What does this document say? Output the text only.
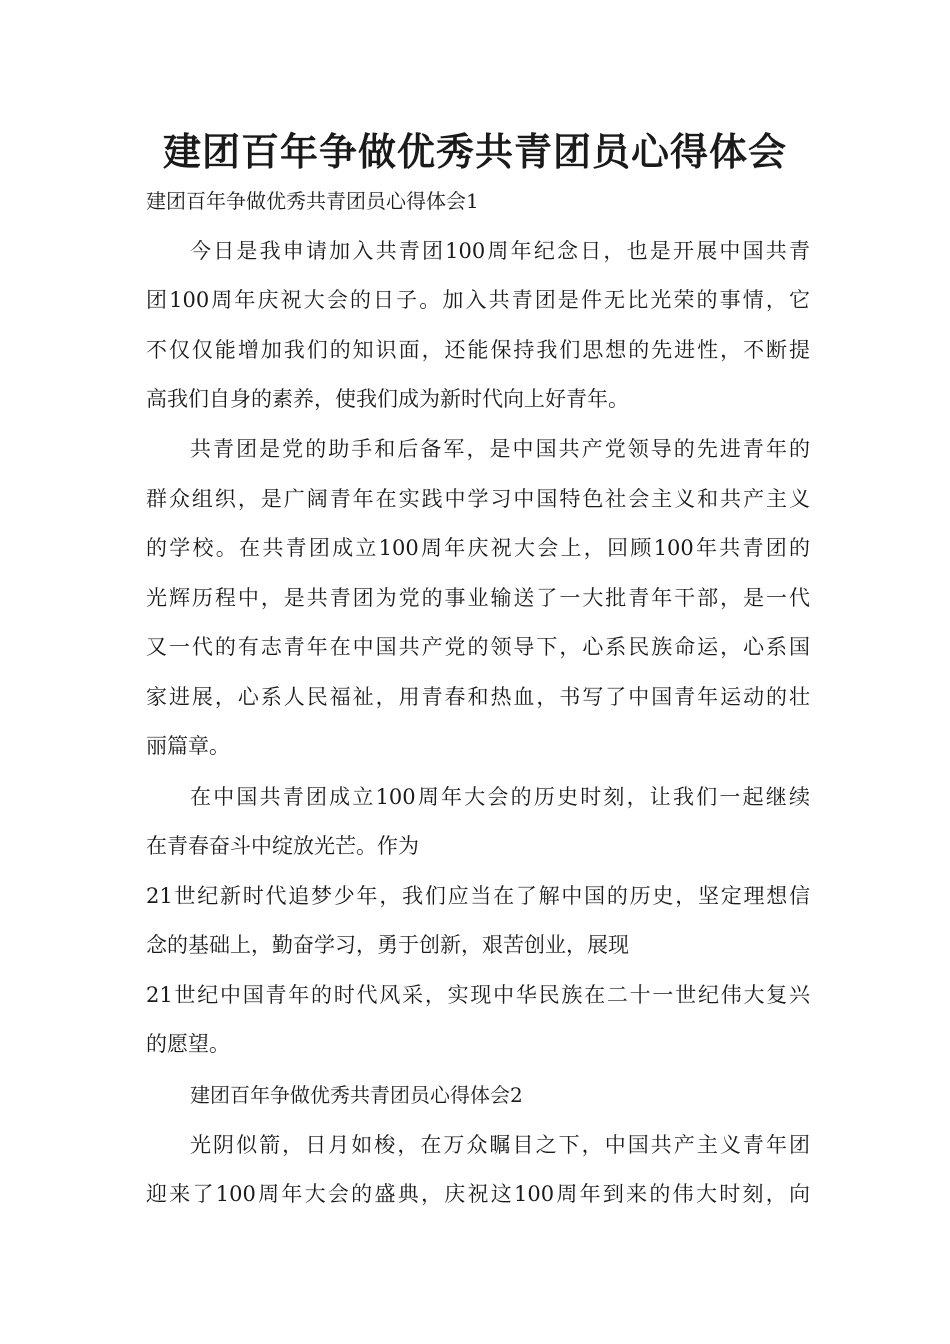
建团百年争做优秀共青团员心得体会

建团百年争做优秀共青团员心得体会1

今日是我申请加入共青团100周年纪念日，也是开展中国共青

团100周年庆祝大会的日子。加入共青团是件无比光荣的事情，它

不仅仅能增加我们的知识面，还能保持我们思想的先进性，不断提

高我们自身的素养，使我们成为新时代向上好青年。

共青团是党的助手和后备军，是中国共产党领导的先进青年的

群众组织，是广阔青年在实践中学习中国特色社会主义和共产主义

的学校。在共青团成立100周年庆祝大会上，回顾100年共青团的

光辉历程中，是共青团为党的事业输送了一大批青年干部，是一代

又一代的有志青年在中国共产党的领导下，心系民族命运，心系国

家进展，心系人民福祉，用青春和热血，书写了中国青年运动的壮

丽篇章。

在中国共青团成立100周年大会的历史时刻，让我们一起继续

在青春奋斗中绽放光芒。作为

21世纪新时代追梦少年，我们应当在了解中国的历史，坚定理想信

念的基础上，勤奋学习，勇于创新，艰苦创业，展现

21世纪中国青年的时代风采，实现中华民族在二十一世纪伟大复兴

的愿望。

建团百年争做优秀共青团员心得体会2

光阴似箭，日月如梭，在万众瞩目之下，中国共产主义青年团

迎来了100周年大会的盛典，庆祝这100周年到来的伟大时刻，向
